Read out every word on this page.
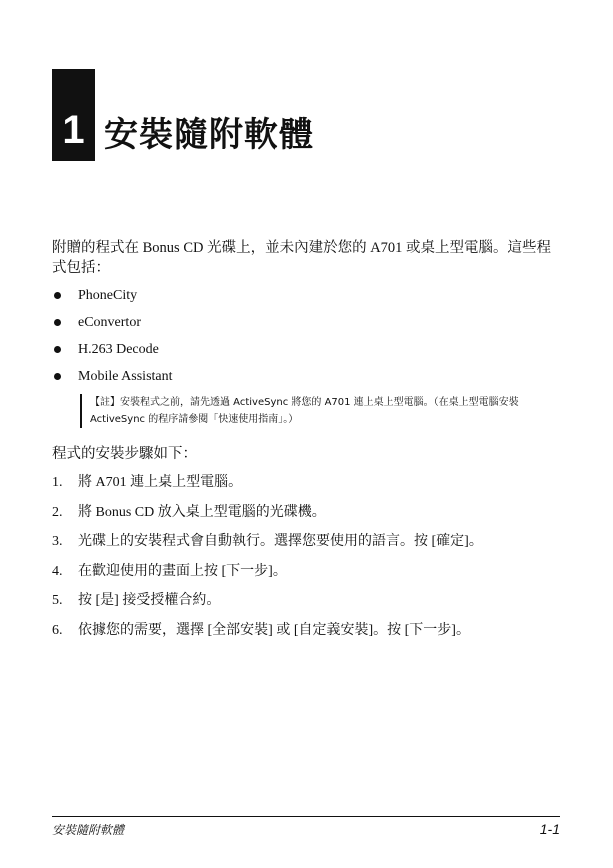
1 安裝隨附軟體
附贈的程式在 Bonus CD 光碟上，並未內建於您的 A701 或桌上型電腦。這些程式包括：
PhoneCity
eConvertor
H.263 Decode
Mobile Assistant
【註】安裝程式之前，請先透過 ActiveSync 將您的 A701 連上桌上型電腦。（在桌上型電腦安裝 ActiveSync 的程序請參閱「快速使用指南」。）
程式的安裝步驟如下：
1. 將 A701 連上桌上型電腦。
2. 將 Bonus CD 放入桌上型電腦的光碟機。
3. 光碟上的安裝程式會自動執行。選擇您要使用的語言。按 [確定]。
4. 在歡迎使用的畫面上按 [下一步]。
5. 按 [是] 接受授權合約。
6. 依據您的需要，選擇 [全部安裝] 或 [自定義安裝]。按 [下一步]。
安裝隨附軟體	1-1
